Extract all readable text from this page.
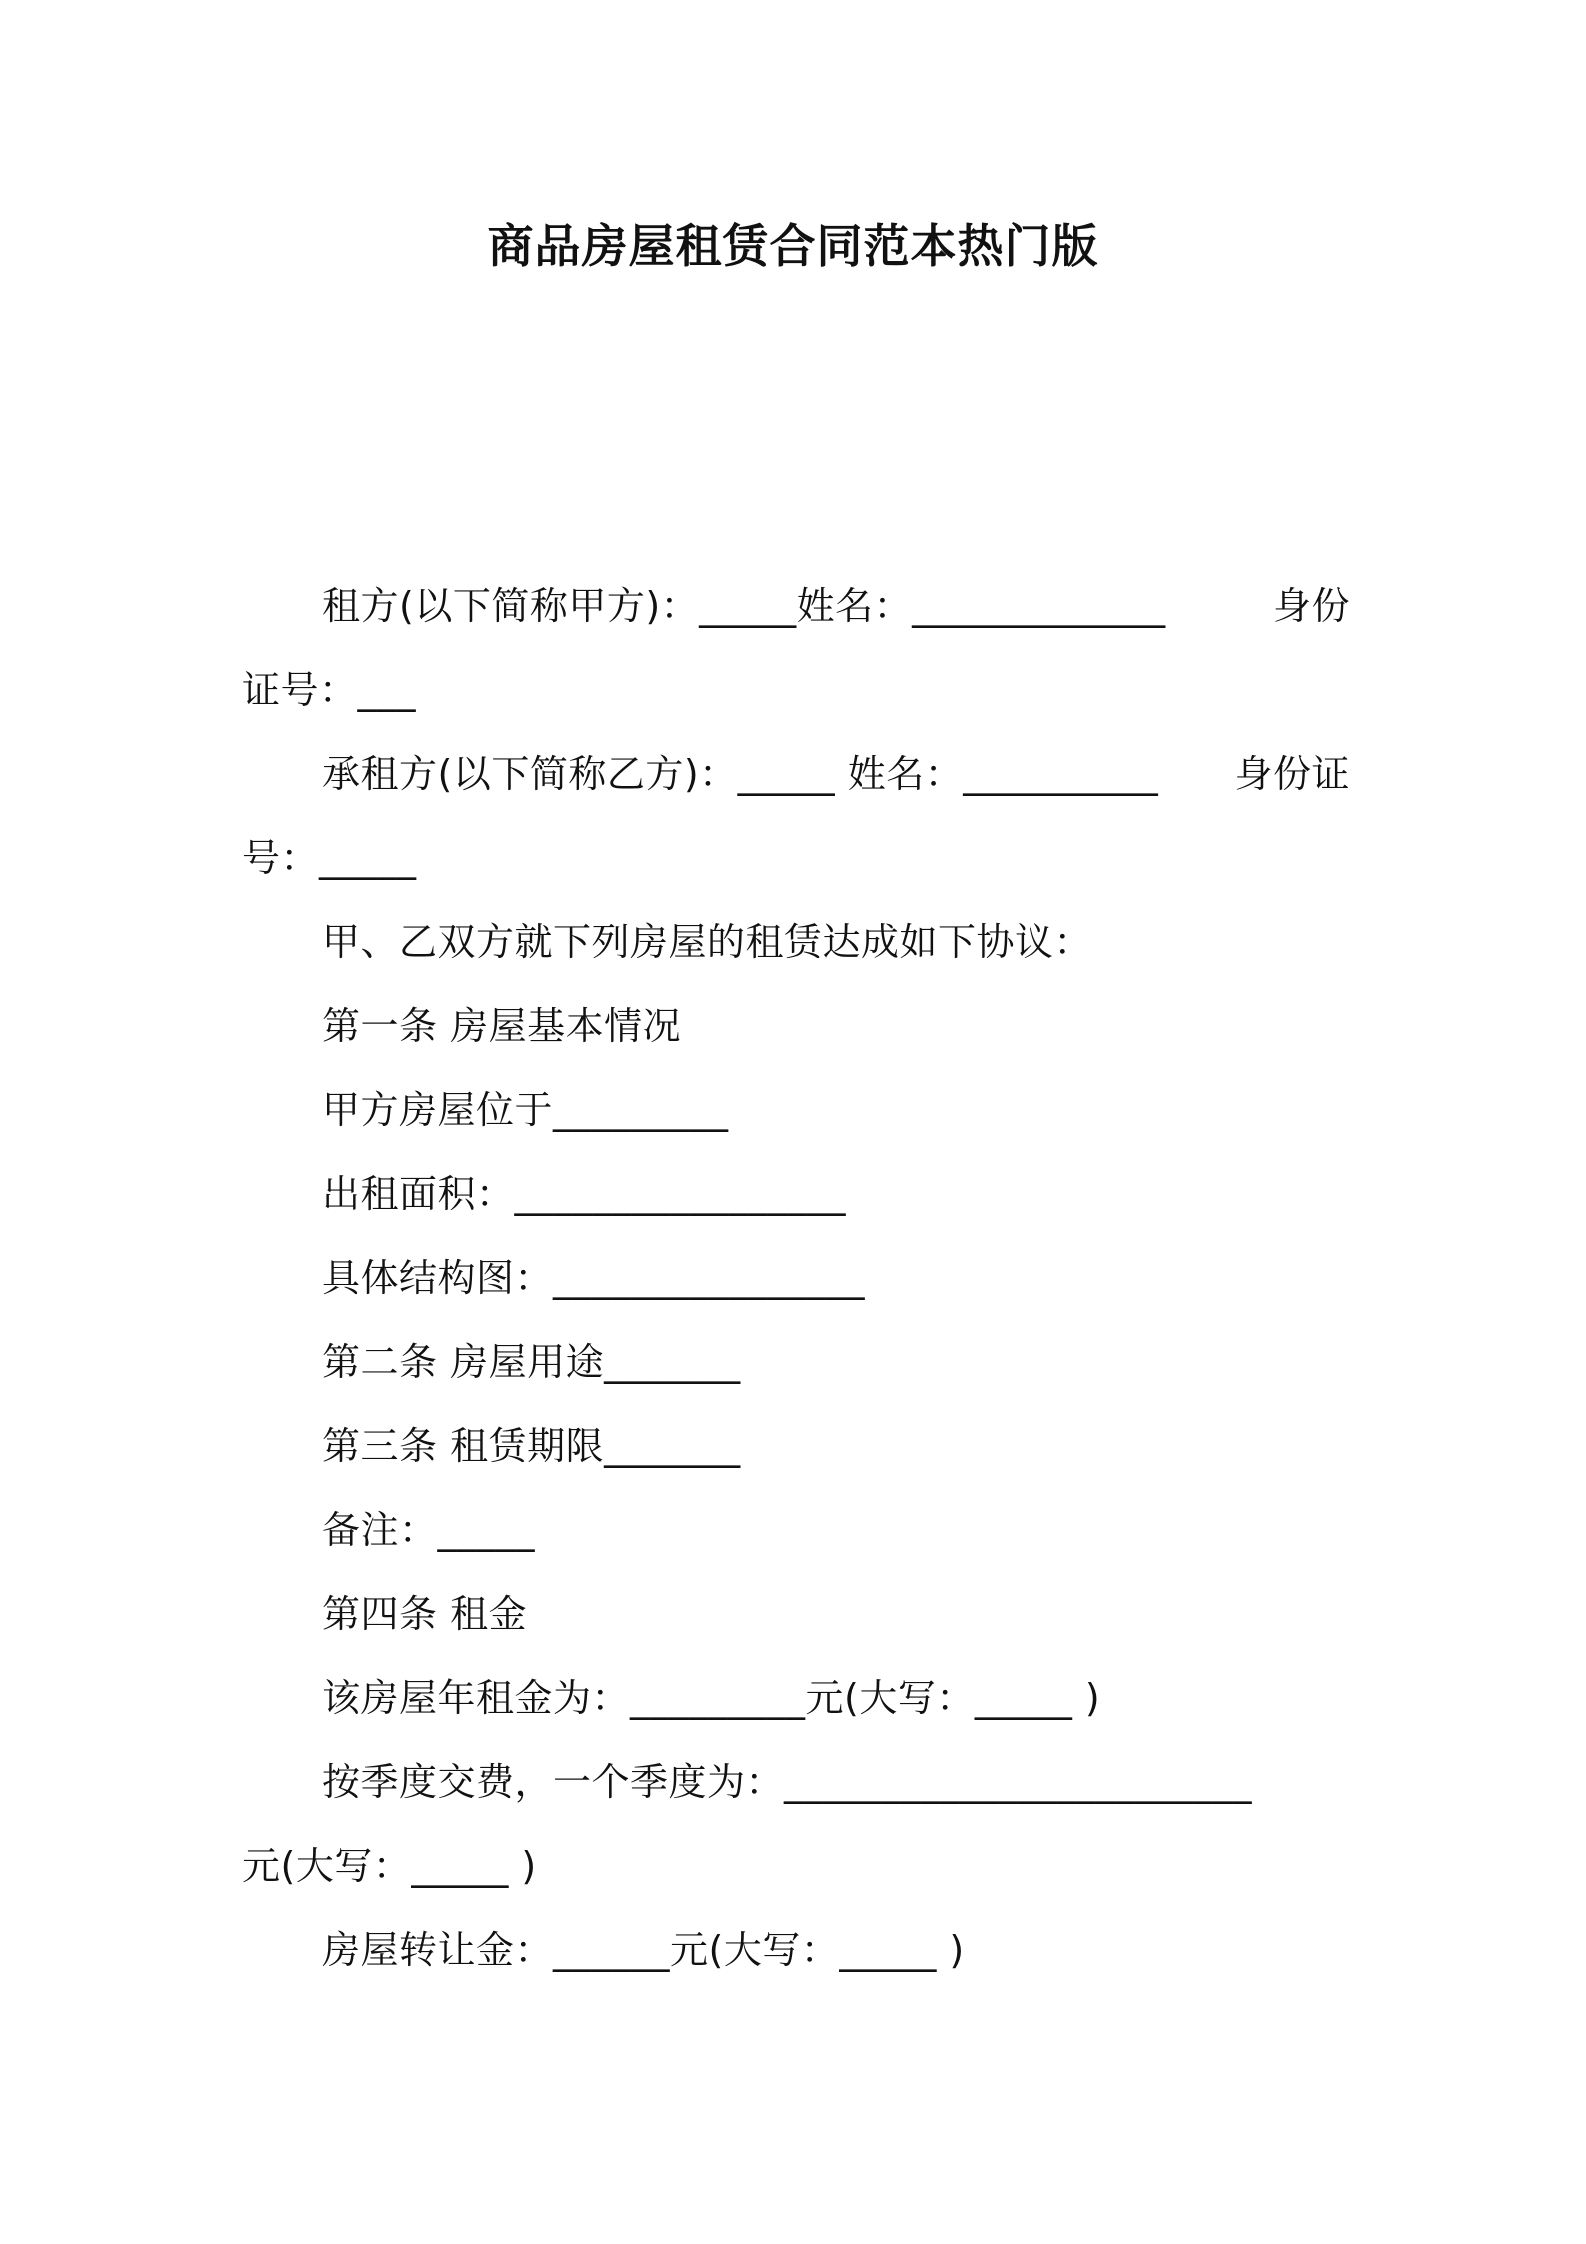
商品房屋租赁合同范本热门版
租方(以下简称甲方)：_____姓名：_____________	身份
证号：___
承租方(以下简称乙方)：_____ 姓名：__________ 身份证
号：_____
甲、乙双方就下列房屋的租赁达成如下协议：
第一条 房屋基本情况
甲方房屋位于_________
出租面积：_________________
具体结构图：________________
第二条 房屋用途_______
第三条 租赁期限_______
备注：_____
第四条 租金
该房屋年租金为：_________元(大写：_____ )
按季度交费，一个季度为：________________________
元(大写：_____ )
房屋转让金：______元(大写：_____ )
